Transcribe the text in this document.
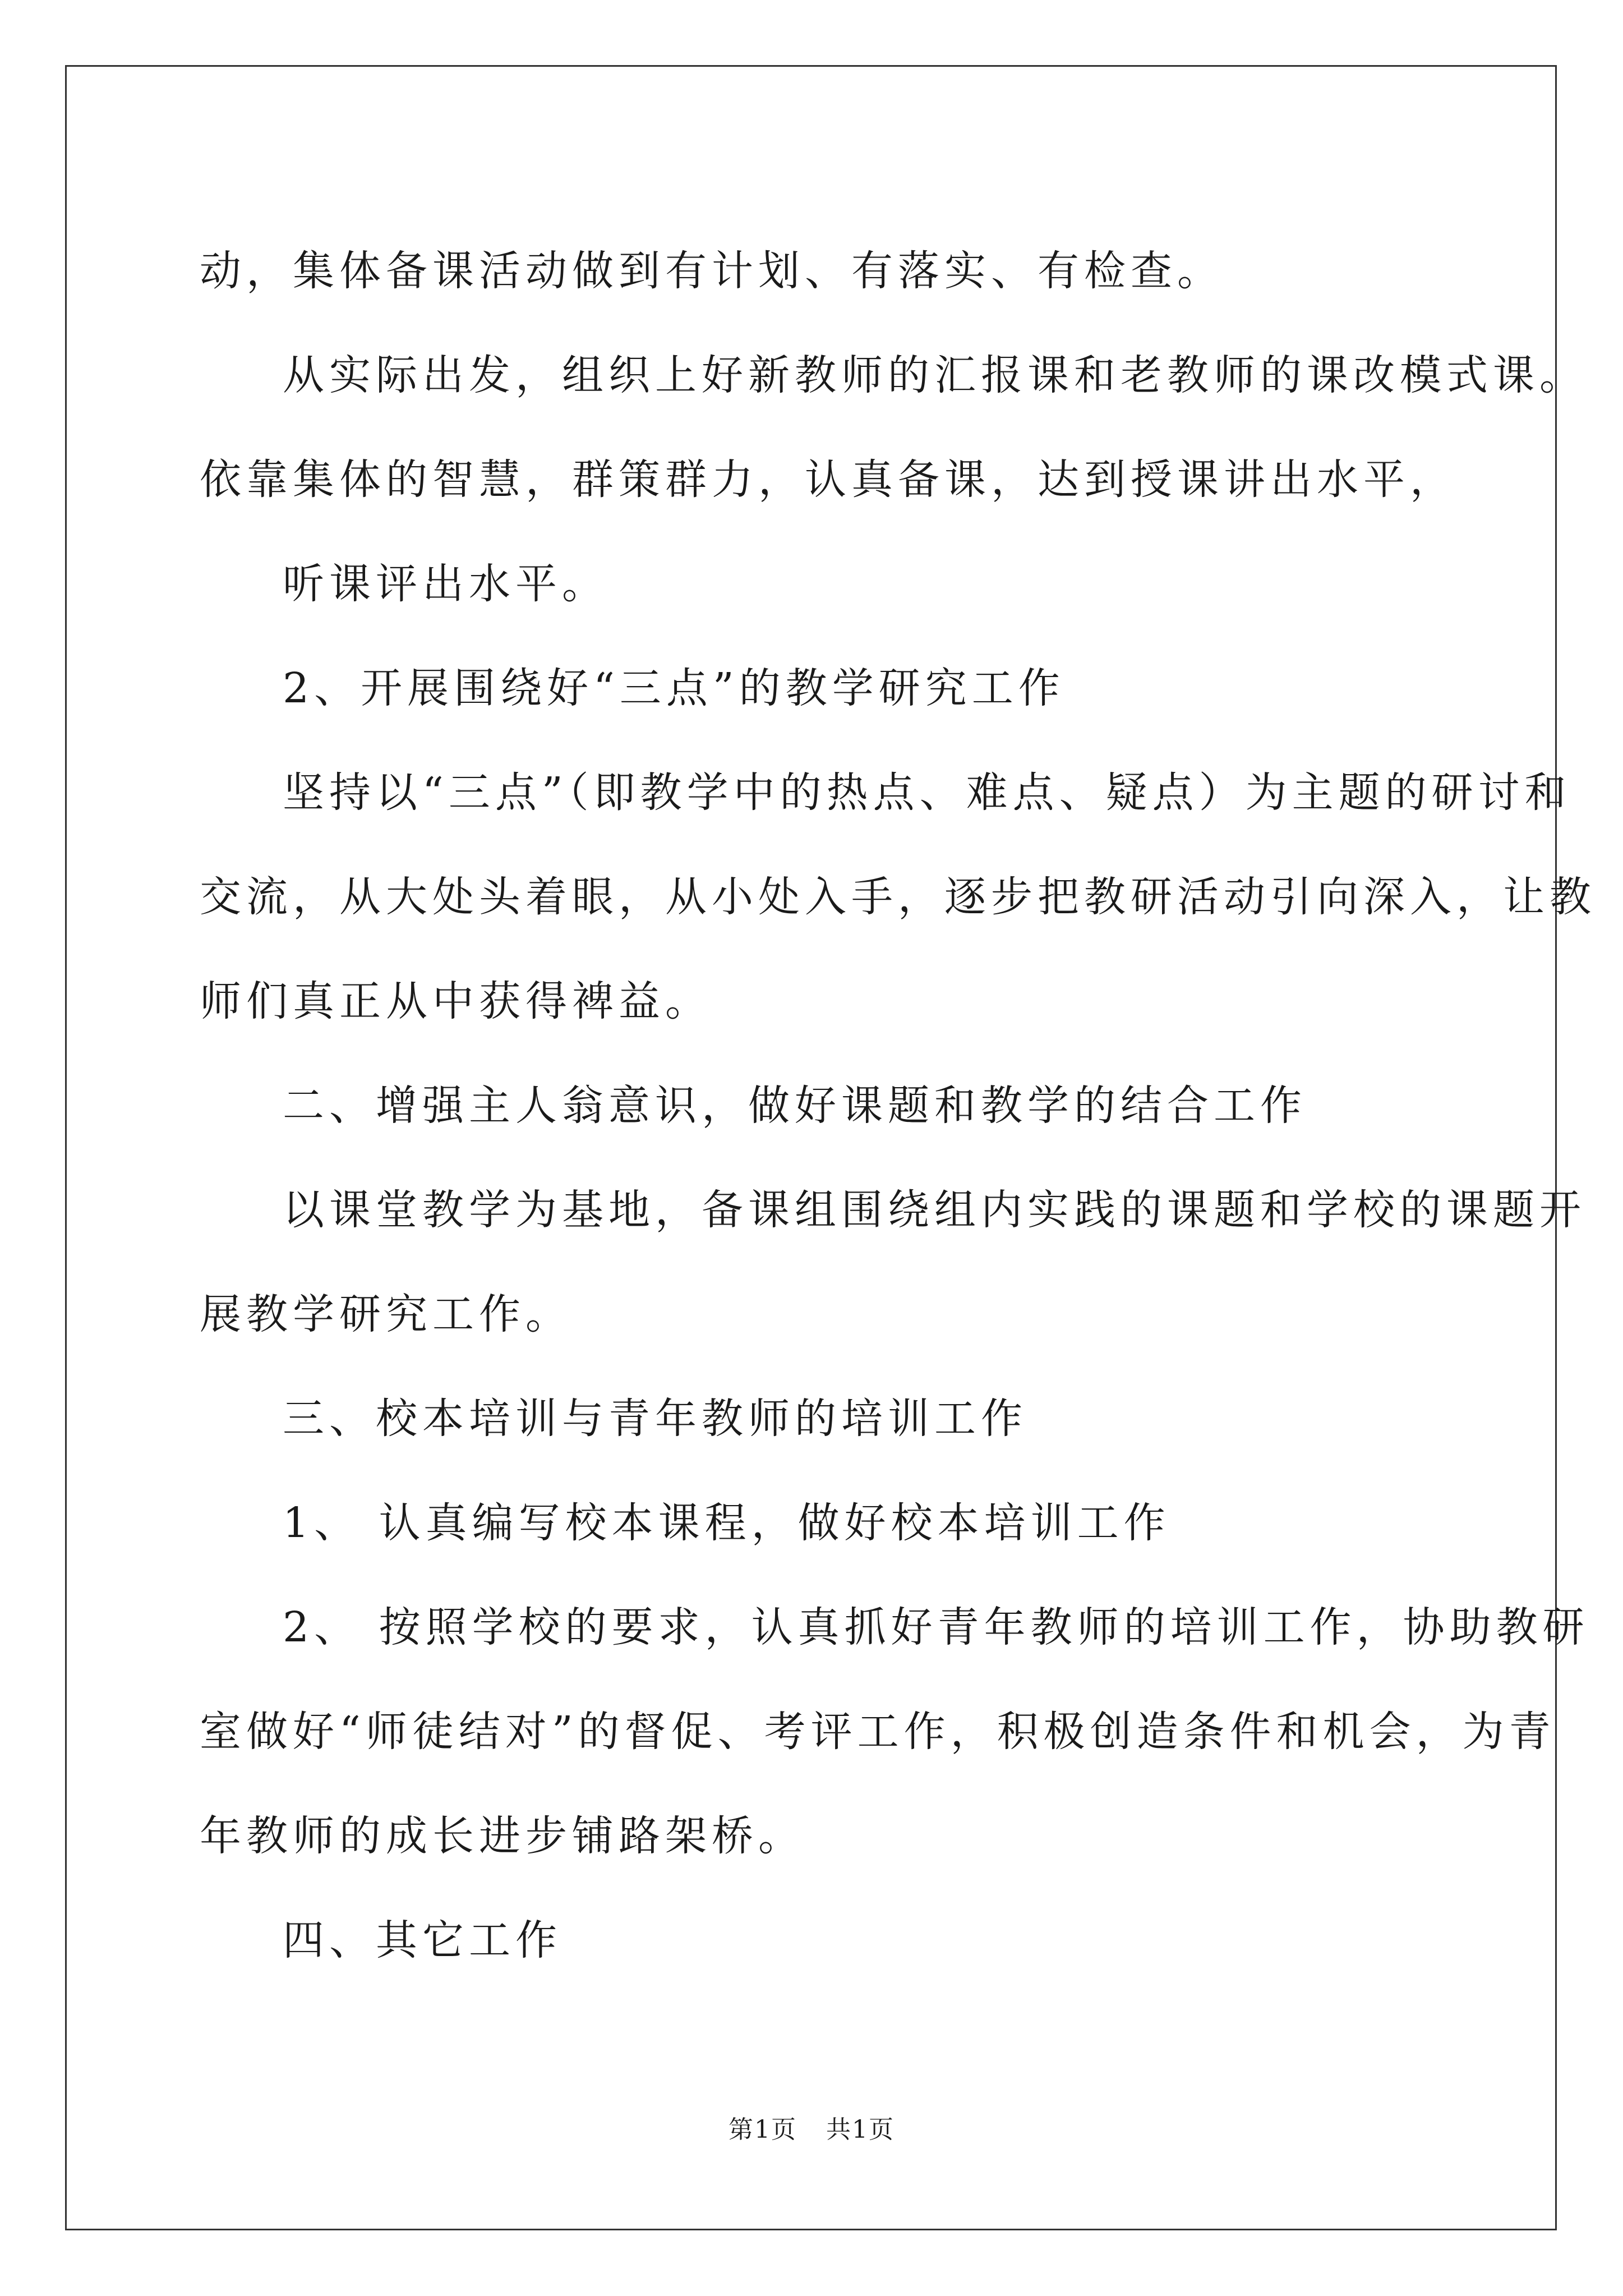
动，集体备课活动做到有计划、有落实、有检查。

从实际出发，组织上好新教师的汇报课和老教师的课改模式课。

依靠集体的智慧，群策群力，认真备课，达到授课讲出水平，

听课评出水平。

2、开展围绕好“三点”的教学研究工作

坚持以“三点”（即教学中的热点、难点、疑点）为主题的研讨和

交流，从大处头着眼，从小处入手，逐步把教研活动引向深入，让教

师们真正从中获得裨益。

二、增强主人翁意识，做好课题和教学的结合工作

以课堂教学为基地，备课组围绕组内实践的课题和学校的课题开

展教学研究工作。

三、校本培训与青年教师的培训工作

1、 认真编写校本课程，做好校本培训工作

2、 按照学校的要求，认真抓好青年教师的培训工作，协助教研

室做好“师徒结对”的督促、考评工作，积极创造条件和机会，为青

年教师的成长进步铺路架桥。

四、其它工作

第1页 共1页
